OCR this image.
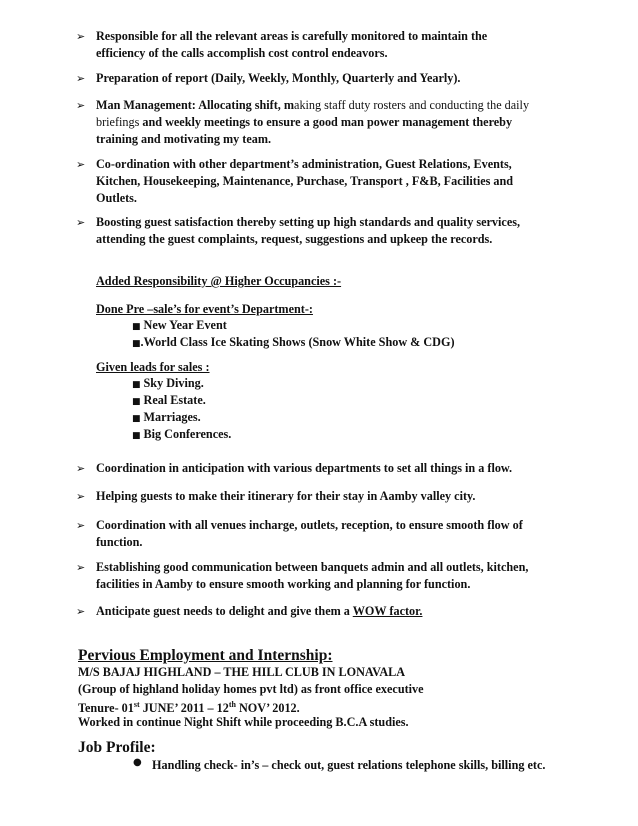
➢ Responsible for all the relevant areas is carefully monitored to maintain the
efficiency of the calls accomplish cost control endeavors.
➢ Preparation of report (Daily, Weekly, Monthly, Quarterly and Yearly).
➢ Man Management: Allocating shift, making staff duty rosters and conducting the daily
briefings and weekly meetings to ensure a good man power management thereby
training and motivating my team.
➢ Co-ordination with other department’s administration, Guest Relations, Events,
Kitchen, Housekeeping, Maintenance, Purchase, Transport , F&B, Facilities and
Outlets.
➢ Boosting guest satisfaction thereby setting up high standards and quality services,
attending the guest complaints, request, suggestions and upkeep the records.

Added Responsibility @ Higher Occupancies :-

Done Pre –sale’s for event’s Department-:

■ New Year Event

■.World Class Ice Skating Shows (Snow White Show & CDG)

Given leads for sales :

■ Sky Diving.

■ Real Estate.

■ Marriages.

■ Big Conferences.

➢ Coordination in anticipation with various departments to set all things in a flow.
➢ Helping guests to make their itinerary for their stay in Aamby valley city.
➢ Coordination with all venues incharge, outlets, reception, to ensure smooth flow of
function.
➢ Establishing good communication between banquets admin and all outlets, kitchen,
facilities in Aamby to ensure smooth working and planning for function.
➢ Anticipate guest needs to delight and give them a WOW factor.

Pervious Employment and Internship:

M/S BAJAJ HIGHLAND – THE HILL CLUB IN LONAVALA

(Group of highland holiday homes pvt ltd) as front office executive

Tenure- 01st JUNE’ 2011 – 12th NOV’ 2012.

Worked in continue Night Shift while proceeding B.C.A studies.

Job Profile:

● Handling check- in’s – check out, guest relations telephone skills, billing etc.
